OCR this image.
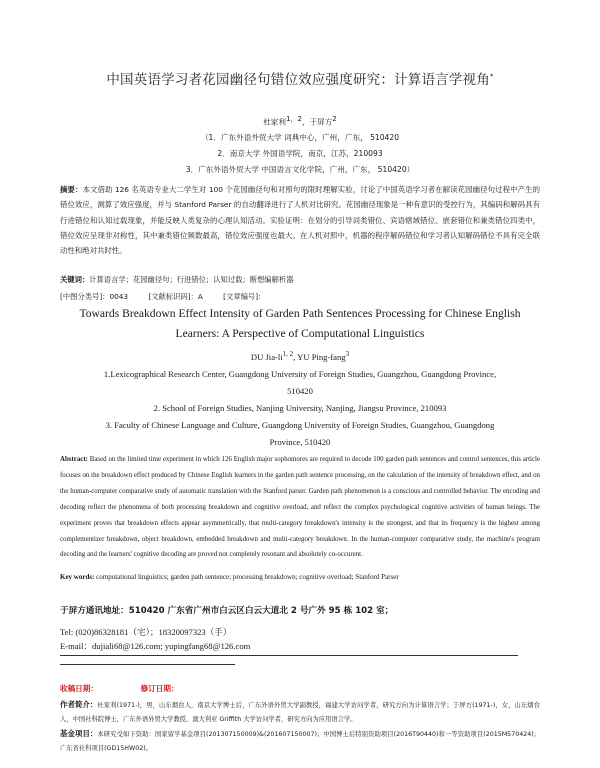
中国英语学习者花园幽径句错位效应强度研究：计算语言学视角*
杜家利1，2，于屏方2
（1．广东外语外贸大学 词典中心，广州，广东， 510420
2．南京大学 外国语学院，南京，江苏，210093
3．广东外语外贸大学 中国语言文化学院，广州，广东， 510420）
摘要：本文借助 126 名英语专业大二学生对 100 个花园幽径句和对照句的限时理解实验，讨论了中国英语学习者在解读花园幽径句过程中产生的错位效应，测算了效应强度，并与 Stanford Parser 的自动翻译进行了人机对比研究。花园幽径现象是一种有意识的受控行为，其编码和解码具有行进错位和认知过载现象，并能反映人类复杂的心理认知活动。实验证明：在划分的引导词类错位、宾语辖域错位、嵌套错位和兼类错位四类中，错位效应呈现非对称性，其中兼类错位频数最高，错位效应强度也最大。在人机对照中，机器的程序解码错位和学习者认知解码错位不具有完全联动性和绝对共时性。
关键词：计算语言学；花园幽径句；行进错位；认知过载；断想编解析器
[中图分类号]：0043	[文献标识码]：A	[文章编号]：
Towards Breakdown Effect Intensity of Garden Path Sentences Processing for Chinese English
Learners: A Perspective of Computational Linguistics
DU Jia-li$^{1, 2}$, YU Ping-fang$^3$
1.Lexicographical Research Center, Guangdong University of Foreign Studies, Guangzhou, Guangdong Province,
510420
2. School of Foreign Studies, Nanjing University, Nanjing, Jiangsu Province, 210093
3. Faculty of Chinese Language and Culture, Guangdong University of Foreign Studies, Guangzhou, Guangdong
Province, 510420
Abstract: Based on the limited time experiment in which 126 English major sophomores are required to decode 100 garden path sentences and control sentences, this article focuses on the breakdown effect produced by Chinese English learners in the garden path sentence processing, on the calculation of the intensity of breakdown effect, and on the human-computer comparative study of automatic translation with the Stanford parser. Garden path phenomenon is a conscious and controlled behavior. The encoding and decoding reflect the phenomena of both processing breakdown and cognitive overload, and reflect the complex psychological cognitive activities of human beings. The experiment proves that breakdown effects appear asymmetrically, that multi-category breakdown's intensity is the strongest, and that its frequency is the highest among complementizer breakdown, object breakdown, embedded breakdown and multi-category breakdown. In the human-computer comparative study, the machine's program decoding and the learners' cognitive decoding are proved not completely resonant and absolutely co-occurent.
Key words: computational linguistics; garden path sentence; processing breakdown; cognitive overload; Stanford Parser
于屏方通讯地址：510420 广东省广州市白云区白云大道北 2 号广外 95 栋 102 室；
Tel: (020)86328181（宅）；18320097323（手）
E-mail：dujiali68@126.com; yupingfang68@126.com
收稿日期：	修订日期：
作者简介：杜家利(1971-)，男，山东烟台人，南京大学博士后，广东外语外贸大学副教授，福建大学访问学者，研究方向为计算语言学；于屏方(1971-)，女，山东烟台人，中国社科院博士，广东外语外贸大学教授，澳大利亚 Griffith 大学访问学者，研究方向为应用语言学。
基金项目：本研究受如下资助：国家留学基金项目(201307150009)&(201607150007)；中国博士后特别资助项目(2016T90440)和一等资助项目(2015M570424)；广东省社科项目(GD15HW02)。
